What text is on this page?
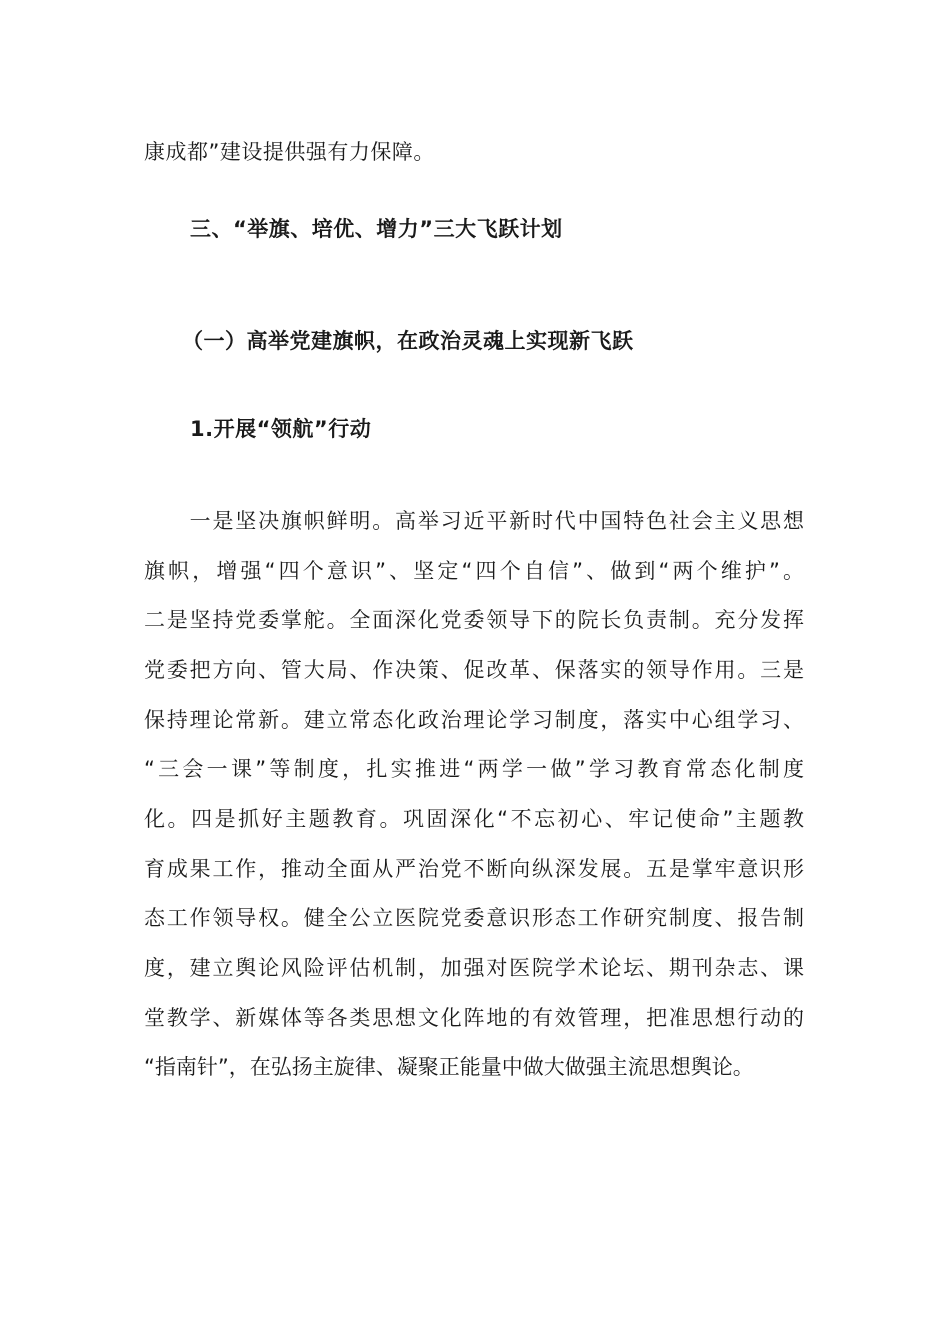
康成都”建设提供强有力保障。
三、“举旗、培优、增力”三大飞跃计划
（一）高举党建旗帜，在政治灵魂上实现新飞跃
1.开展“领航”行动
　　一是坚决旗帜鲜明。高举习近平新时代中国特色社会主义思想
旗帜，增强“四个意识”、坚定“四个自信”、做到“两个维护”。
二是坚持党委掌舵。全面深化党委领导下的院长负责制。充分发挥
党委把方向、管大局、作决策、促改革、保落实的领导作用。三是
保持理论常新。建立常态化政治理论学习制度，落实中心组学习、
“三会一课”等制度，扎实推进“两学一做”学习教育常态化制度
化。四是抓好主题教育。巩固深化“不忘初心、牢记使命”主题教
育成果工作，推动全面从严治党不断向纵深发展。五是掌牢意识形
态工作领导权。健全公立医院党委意识形态工作研究制度、报告制
度，建立舆论风险评估机制，加强对医院学术论坛、期刊杂志、课
堂教学、新媒体等各类思想文化阵地的有效管理，把准思想行动的
“指南针”，在弘扬主旋律、凝聚正能量中做大做强主流思想舆论。
